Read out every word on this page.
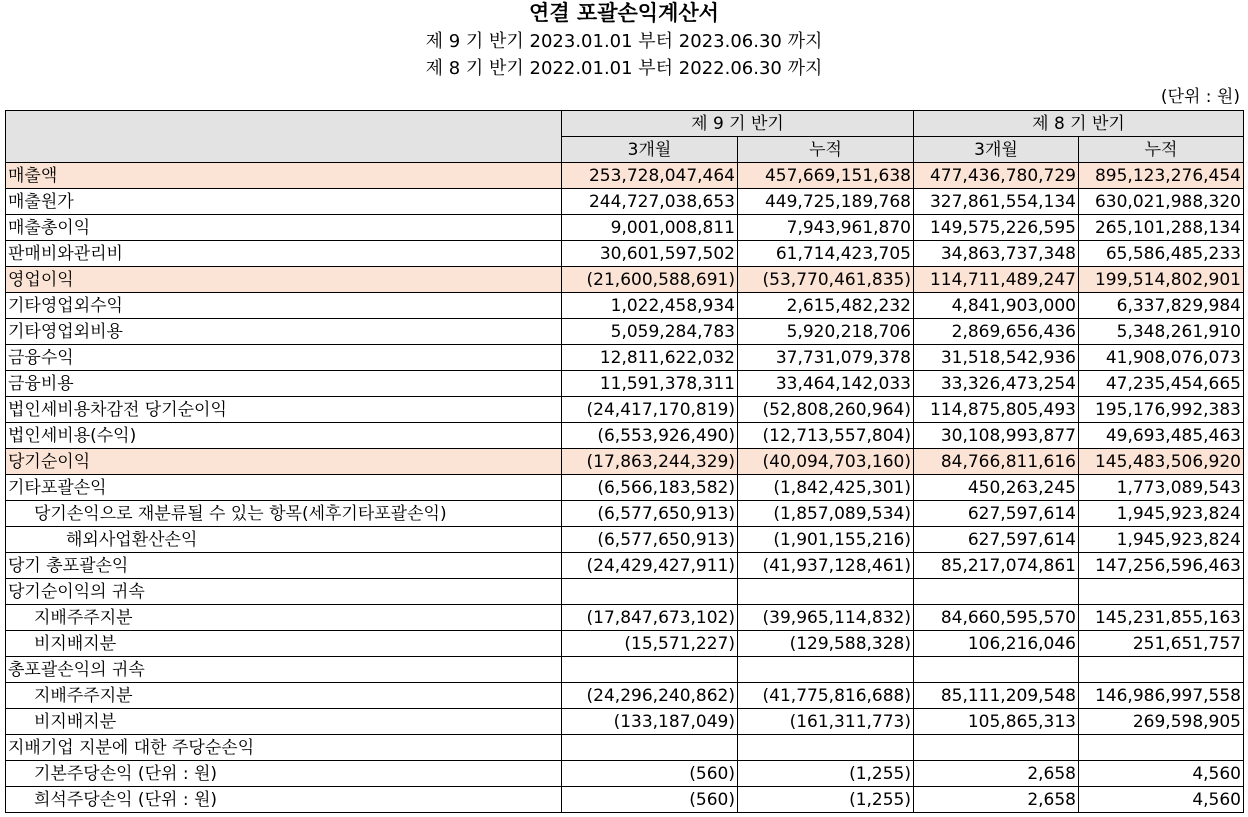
연결 포괄손익계산서
제 9 기 반기 2023.01.01 부터 2023.06.30 까지
제 8 기 반기 2022.01.01 부터 2022.06.30 까지
(단위 : 원)
	제 9 기 반기		제 8 기 반기	
	3개월	누적	3개월	누적
매출액	253,728,047,464	457,669,151,638	477,436,780,729	895,123,276,454
매출원가	244,727,038,653	449,725,189,768	327,861,554,134	630,021,988,320
매출총이익	9,001,008,811	7,943,961,870	149,575,226,595	265,101,288,134
판매비와관리비	30,601,597,502	61,714,423,705	34,863,737,348	65,586,485,233
영업이익	(21,600,588,691)	(53,770,461,835)	114,711,489,247	199,514,802,901
기타영업외수익	1,022,458,934	2,615,482,232	4,841,903,000	6,337,829,984
기타영업외비용	5,059,284,783	5,920,218,706	2,869,656,436	5,348,261,910
금융수익	12,811,622,032	37,731,079,378	31,518,542,936	41,908,076,073
금융비용	11,591,378,311	33,464,142,033	33,326,473,254	47,235,454,665
법인세비용차감전 당기순이익	(24,417,170,819)	(52,808,260,964)	114,875,805,493	195,176,992,383
법인세비용(수익)	(6,553,926,490)	(12,713,557,804)	30,108,993,877	49,693,485,463
당기순이익	(17,863,244,329)	(40,094,703,160)	84,766,811,616	145,483,506,920
기타포괄손익	(6,566,183,582)	(1,842,425,301)	450,263,245	1,773,089,543
당기손익으로 재분류될 수 있는 항목(세후기타포괄손익)	(6,577,650,913)	(1,857,089,534)	627,597,614	1,945,923,824
해외사업환산손익	(6,577,650,913)	(1,901,155,216)	627,597,614	1,945,923,824
당기 총포괄손익	(24,429,427,911)	(41,937,128,461)	85,217,074,861	147,256,596,463
당기순이익의 귀속				
지배주주지분	(17,847,673,102)	(39,965,114,832)	84,660,595,570	145,231,855,163
비지배지분	(15,571,227)	(129,588,328)	106,216,046	251,651,757
총포괄손익의 귀속				
지배주주지분	(24,296,240,862)	(41,775,816,688)	85,111,209,548	146,986,997,558
비지배지분	(133,187,049)	(161,311,773)	105,865,313	269,598,905
지배기업 지분에 대한 주당순손익				
기본주당손익 (단위 : 원)	(560)	(1,255)	2,658	4,560
희석주당손익 (단위 : 원)	(560)	(1,255)	2,658	4,560
